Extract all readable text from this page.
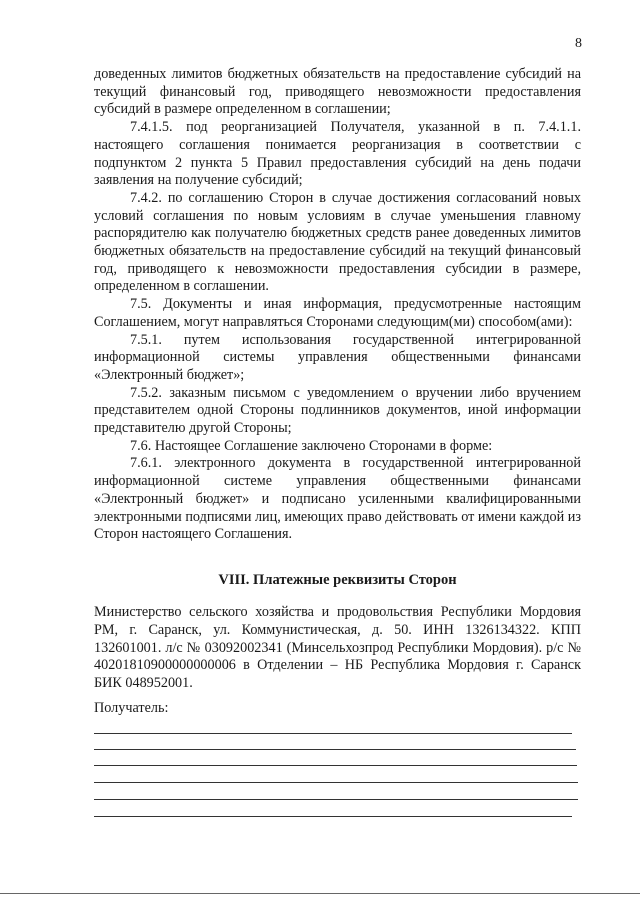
8

доведенных лимитов бюджетных обязательств на предоставление субсидий на текущий финансовый год, приводящего невозможности предоставления субсидий в размере определенном в соглашении;

7.4.1.5. под реорганизацией Получателя, указанной в п. 7.4.1.1. настоящего соглашения понимается реорганизация в соответствии с подпунктом 2 пункта 5 Правил предоставления субсидий на день подачи заявления на получение субсидий;

7.4.2. по соглашению Сторон в случае достижения согласований новых условий соглашения по новым условиям в случае уменьшения главному распорядителю как получателю бюджетных средств ранее доведенных лимитов бюджетных обязательств на предоставление субсидий на текущий финансовый год, приводящего к невозможности предоставления субсидии в размере, определенном в соглашении.

7.5. Документы и иная информация, предусмотренные настоящим Соглашением, могут направляться Сторонами следующим(ми) способом(ами):

7.5.1. путем использования государственной интегрированной информационной системы управления общественными финансами «Электронный бюджет»;

7.5.2. заказным письмом с уведомлением о вручении либо вручением представителем одной Стороны подлинников документов, иной информации представителю другой Стороны;

7.6. Настоящее Соглашение заключено Сторонами в форме:

7.6.1. электронного документа в государственной интегрированной информационной системе управления общественными финансами «Электронный бюджет» и подписано усиленными квалифицированными электронными подписями лиц, имеющих право действовать от имени каждой из Сторон настоящего Соглашения.

VIII. Платежные реквизиты Сторон
Министерство сельского хозяйства и продовольствия Республики Мордовия РМ, г. Саранск, ул. Коммунистическая, д. 50. ИНН 1326134322. КПП 132601001. л/с № 03092002341 (Минсельхозпрод Республики Мордовия). р/с № 40201810900000000006 в Отделении – НБ Республика Мордовия г. Саранск БИК 048952001.
Получатель:
